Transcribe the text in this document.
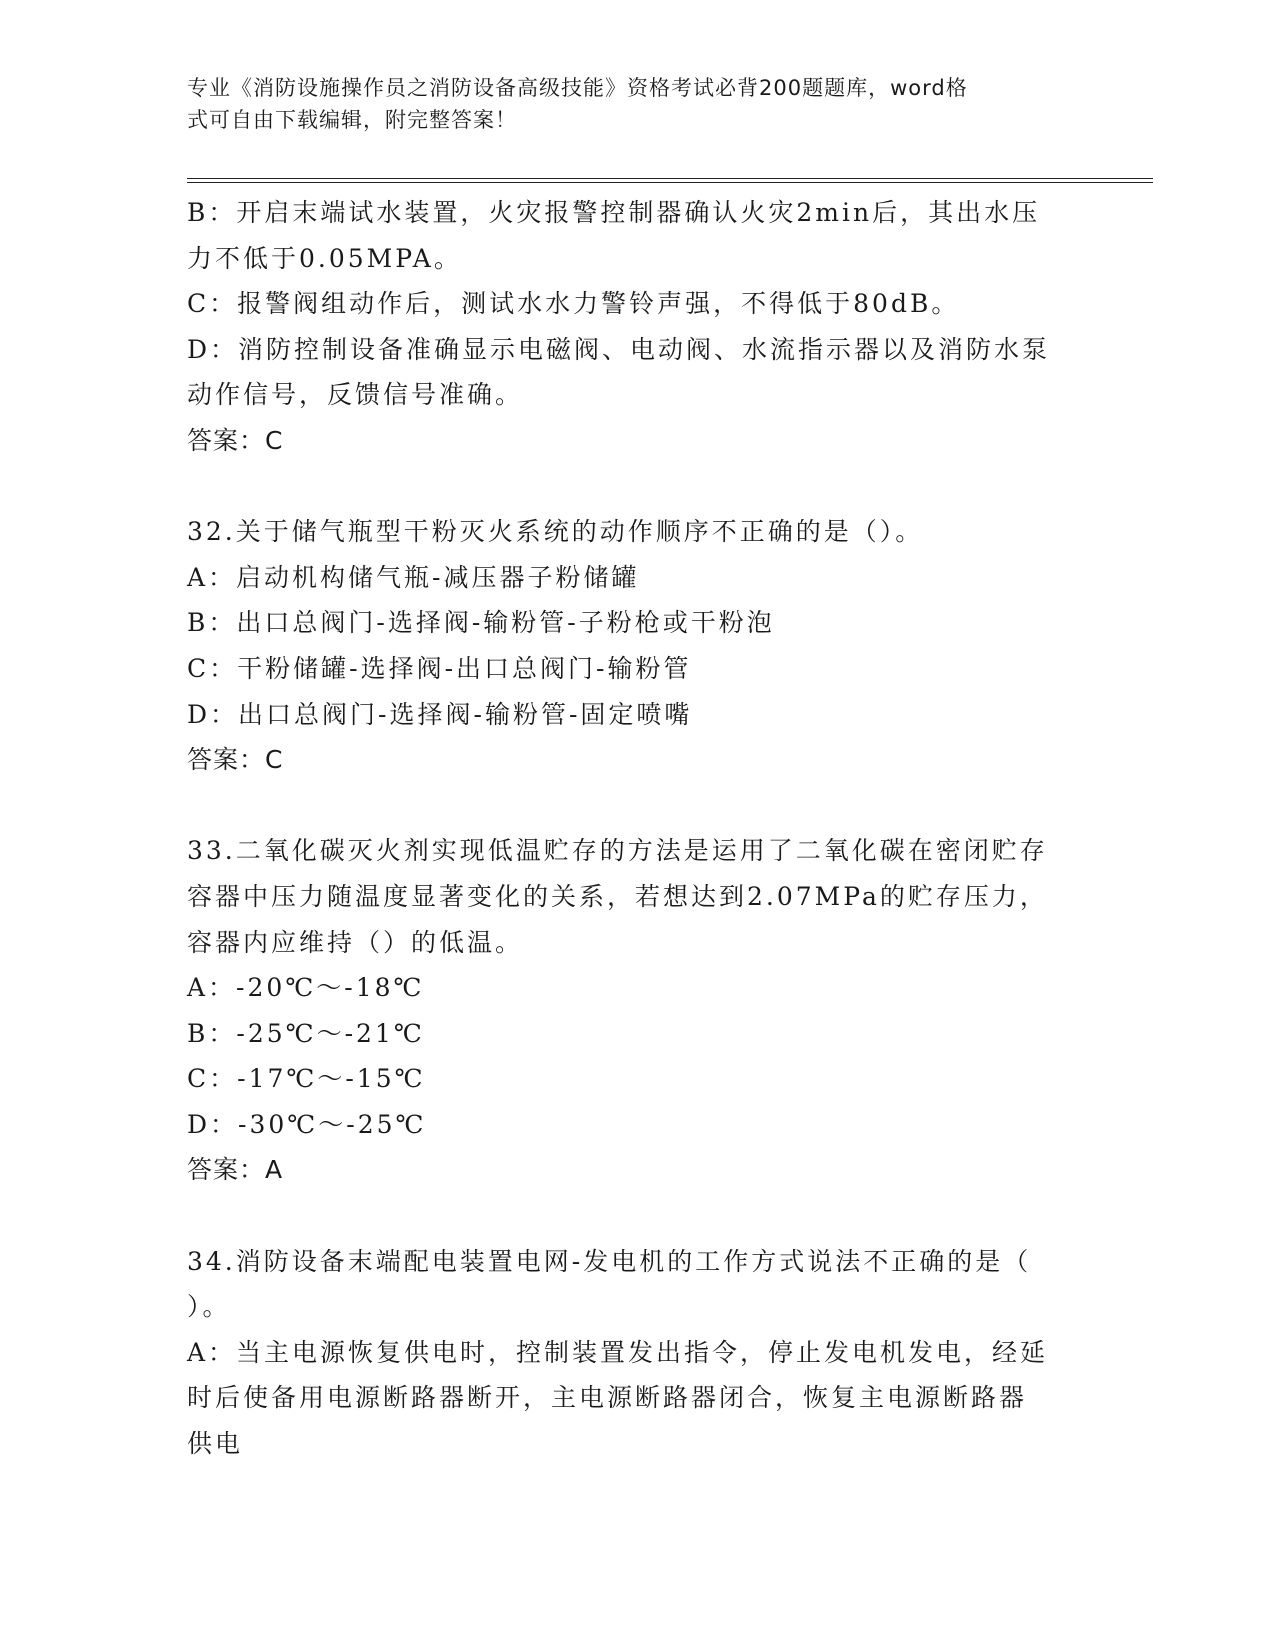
专业《消防设施操作员之消防设备高级技能》资格考试必背200题题库，word格
式可自由下载编辑，附完整答案！

B：开启末端试水装置，火灾报警控制器确认火灾2min后，其出水压

力不低于0.05MPA。

C：报警阀组动作后，测试水水力警铃声强，不得低于80dB。

D：消防控制设备准确显示电磁阀、电动阀、水流指示器以及消防水泵

动作信号，反馈信号准确。

答案：C

32.关于储气瓶型干粉灭火系统的动作顺序不正确的是（）。

A：启动机构储气瓶-减压器子粉储罐

B：出口总阀门-选择阀-输粉管-子粉枪或干粉泡

C：干粉储罐-选择阀-出口总阀门-输粉管

D：出口总阀门-选择阀-输粉管-固定喷嘴

答案：C

33.二氧化碳灭火剂实现低温贮存的方法是运用了二氧化碳在密闭贮存

容器中压力随温度显著变化的关系，若想达到2.07MPa的贮存压力，

容器内应维持（）的低温。

A：-20℃～-18℃

B：-25℃～-21℃

C：-17℃～-15℃

D：-30℃～-25℃

答案：A

34.消防设备末端配电装置电网-发电机的工作方式说法不正确的是（

）。

A：当主电源恢复供电时，控制装置发出指令，停止发电机发电，经延

时后使备用电源断路器断开，主电源断路器闭合，恢复主电源断路器

供电
